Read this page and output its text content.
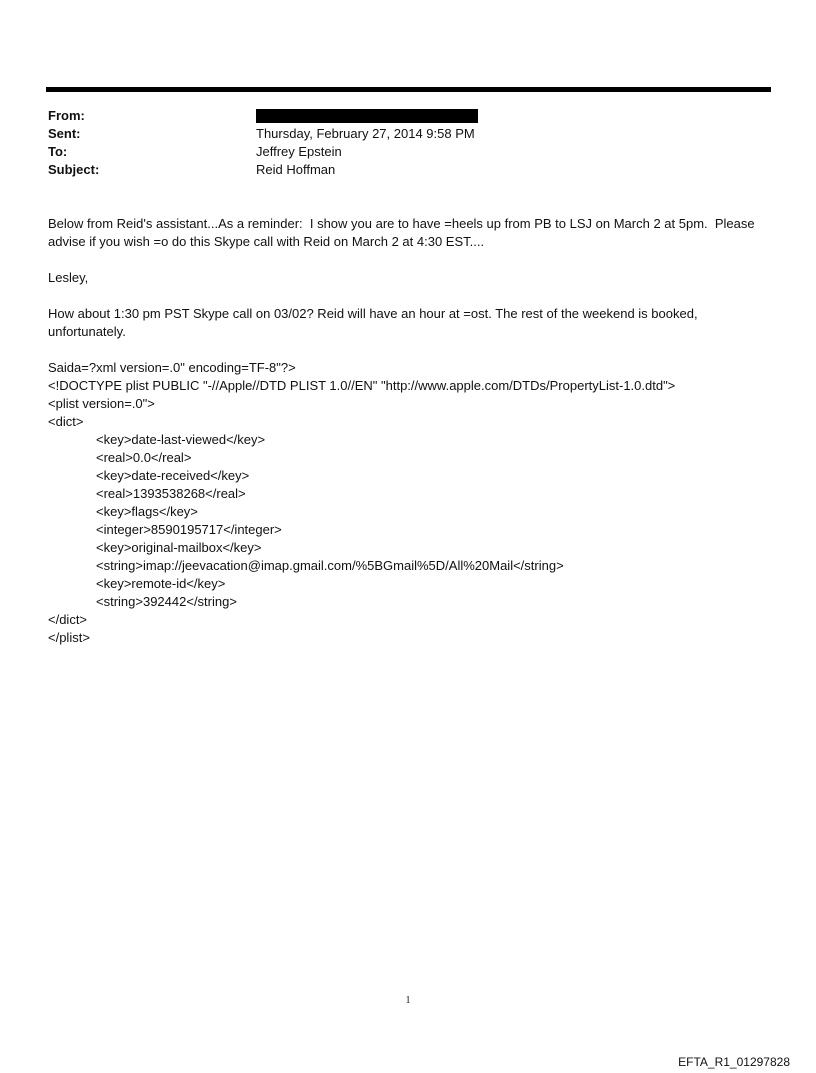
From:
Sent:	Thursday, February 27, 2014 9:58 PM
To:	Jeffrey Epstein
Subject:	Reid Hoffman

Below from Reid's assistant...As a reminder:  I show you are to have =heels up from PB to LSJ on March 2 at 5pm.  Please advise if you wish =o do this Skype call with Reid on March 2 at 4:30 EST....

Lesley,

How about 1:30 pm PST Skype call on 03/02? Reid will have an hour at =ost. The rest of the weekend is booked, unfortunately.

Saida=?xml version=.0" encoding=TF-8"?>
<!DOCTYPE plist PUBLIC "-//Apple//DTD PLIST 1.0//EN" "http://www.apple.com/DTDs/PropertyList-1.0.dtd">
<plist version=.0">
<dict>
<key>date-last-viewed</key>
<real>0.0</real>
<key>date-received</key>
<real>1393538268</real>
<key>flags</key>
<integer>8590195717</integer>
<key>original-mailbox</key>
<string>imap://jeevacation@imap.gmail.com/%5BGmail%5D/All%20Mail</string>
<key>remote-id</key>
<string>392442</string>
</dict>
</plist>
1
EFTA_R1_01297828
